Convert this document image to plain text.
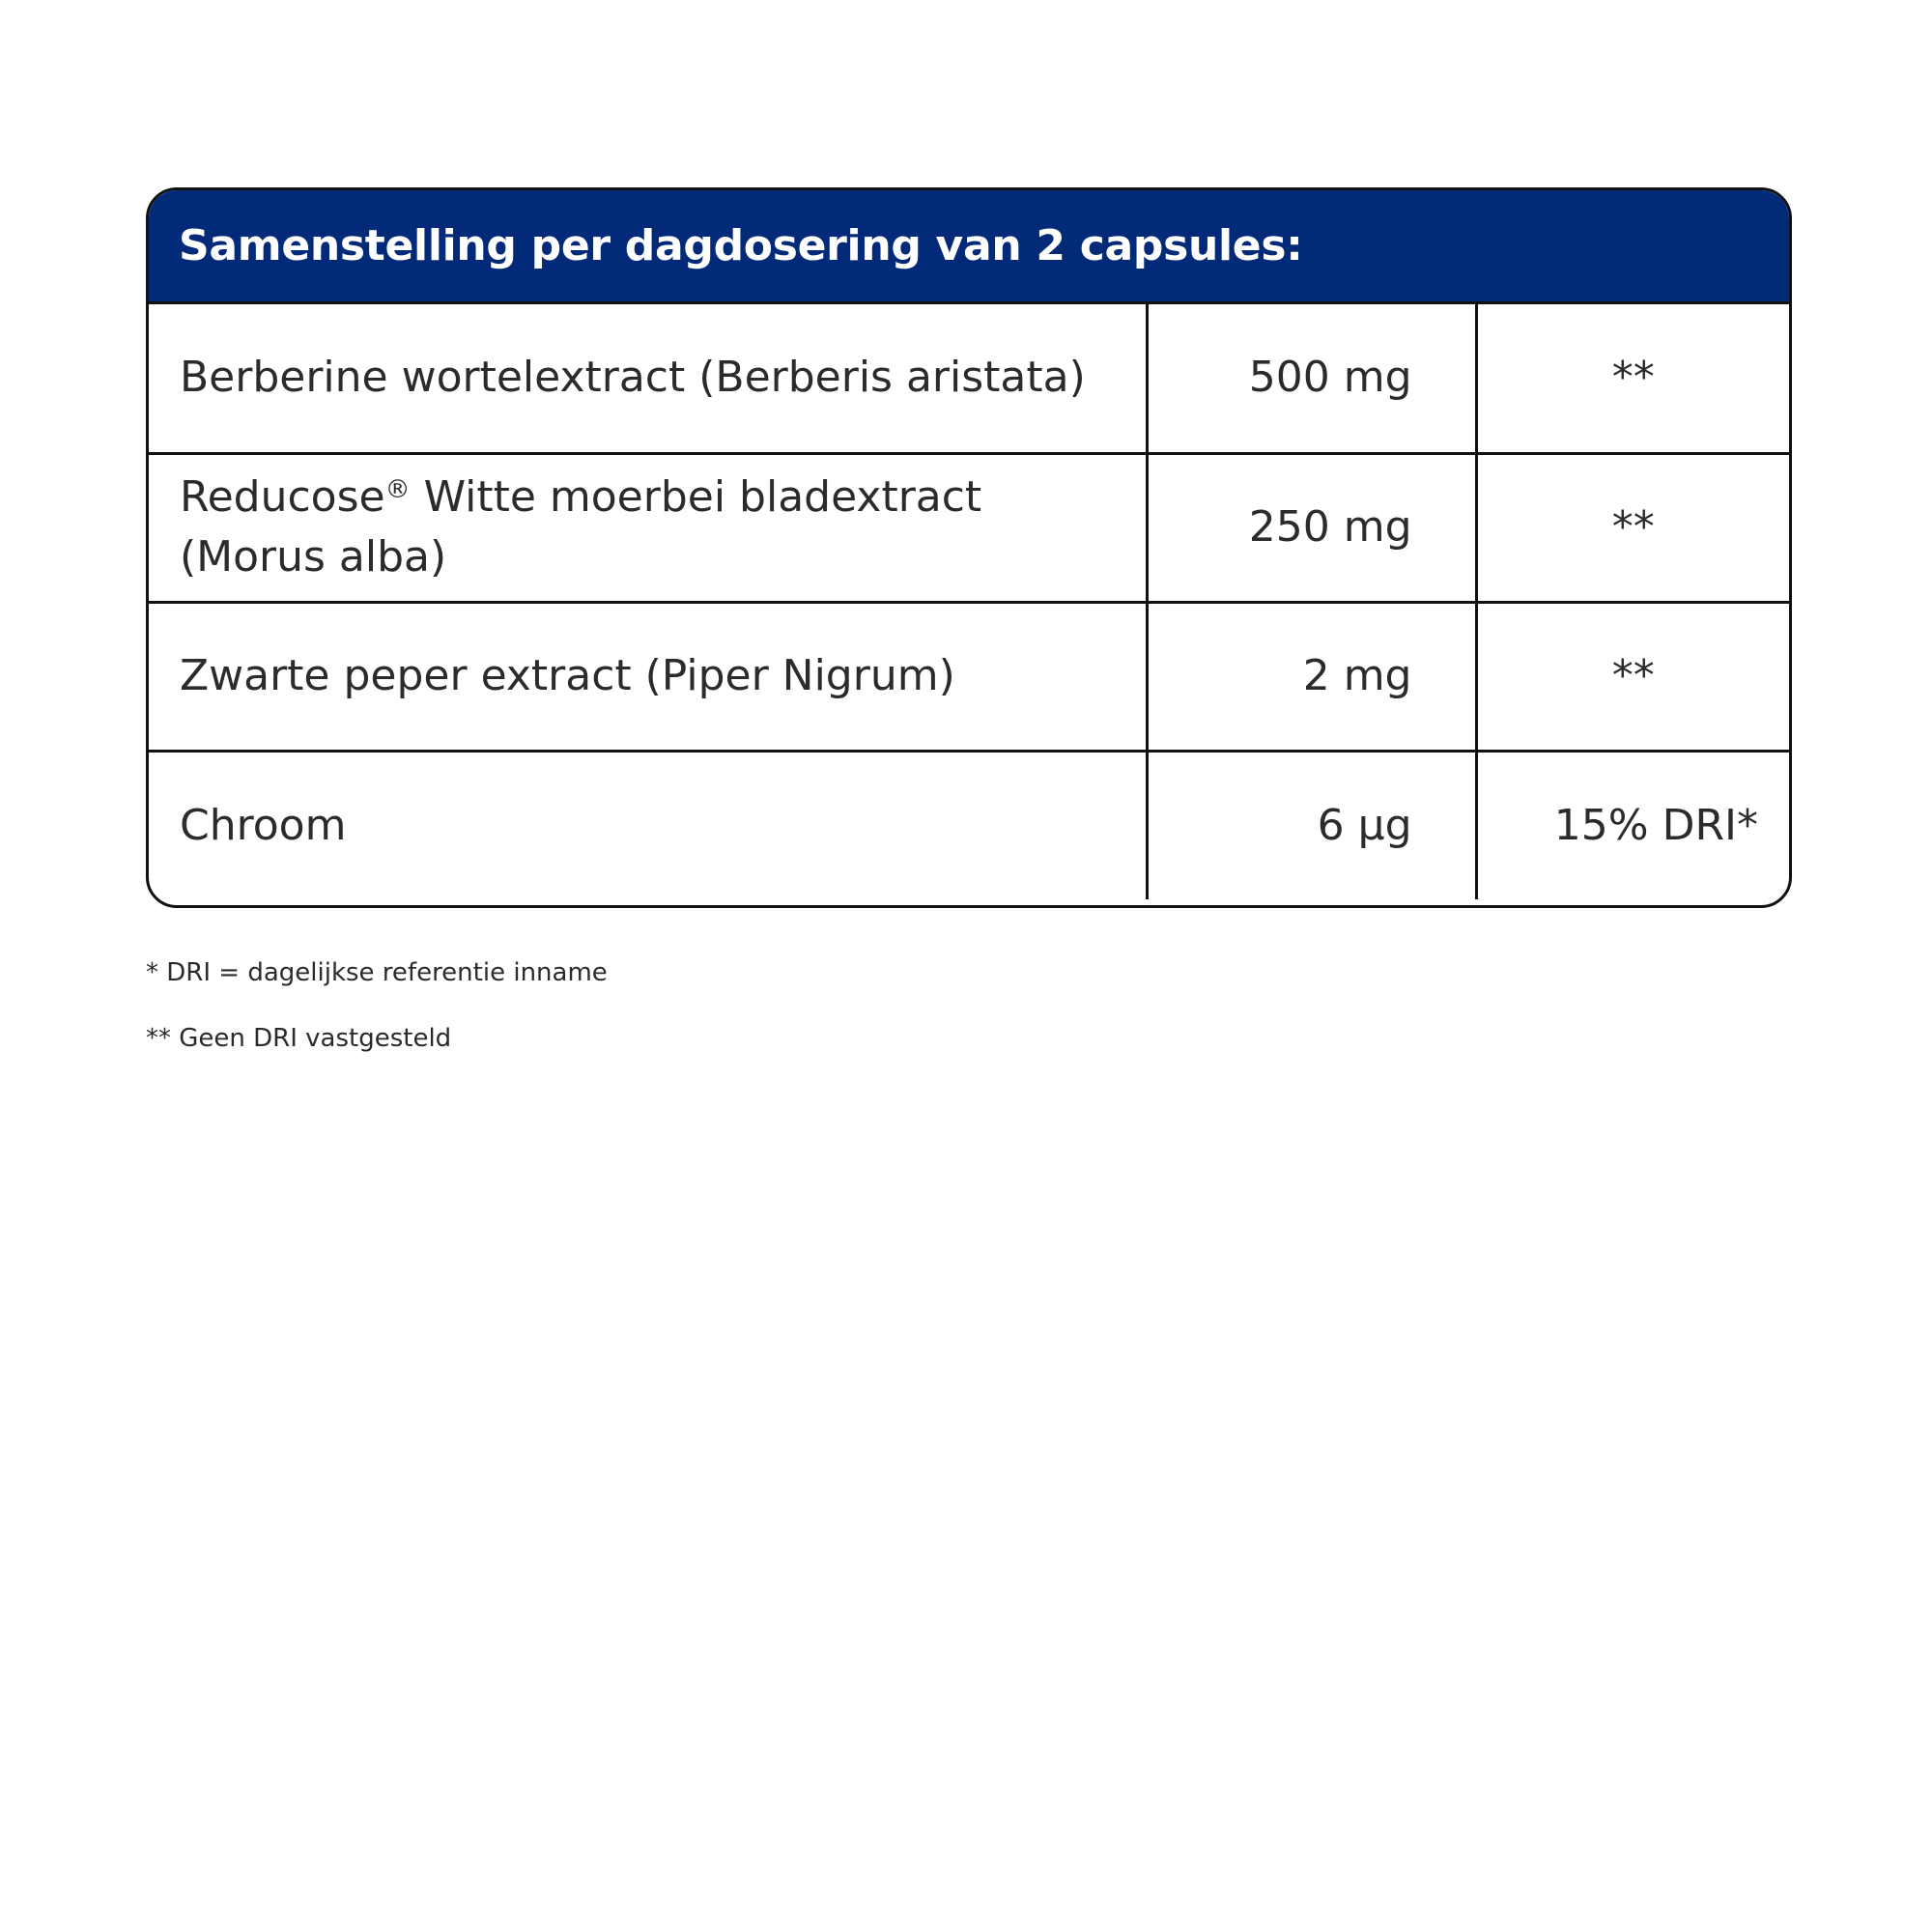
Samenstelling per dagdosering van 2 capsules:
Berberine wortelextract (Berberis aristata)	500 mg	**
Reducose® Witte moerbei bladextract (Morus alba)	250 mg	**
Zwarte peper extract (Piper Nigrum)	2 mg	**
Chroom	6 µg	15% DRI*
* DRI = dagelijkse referentie inname
** Geen DRI vastgesteld
